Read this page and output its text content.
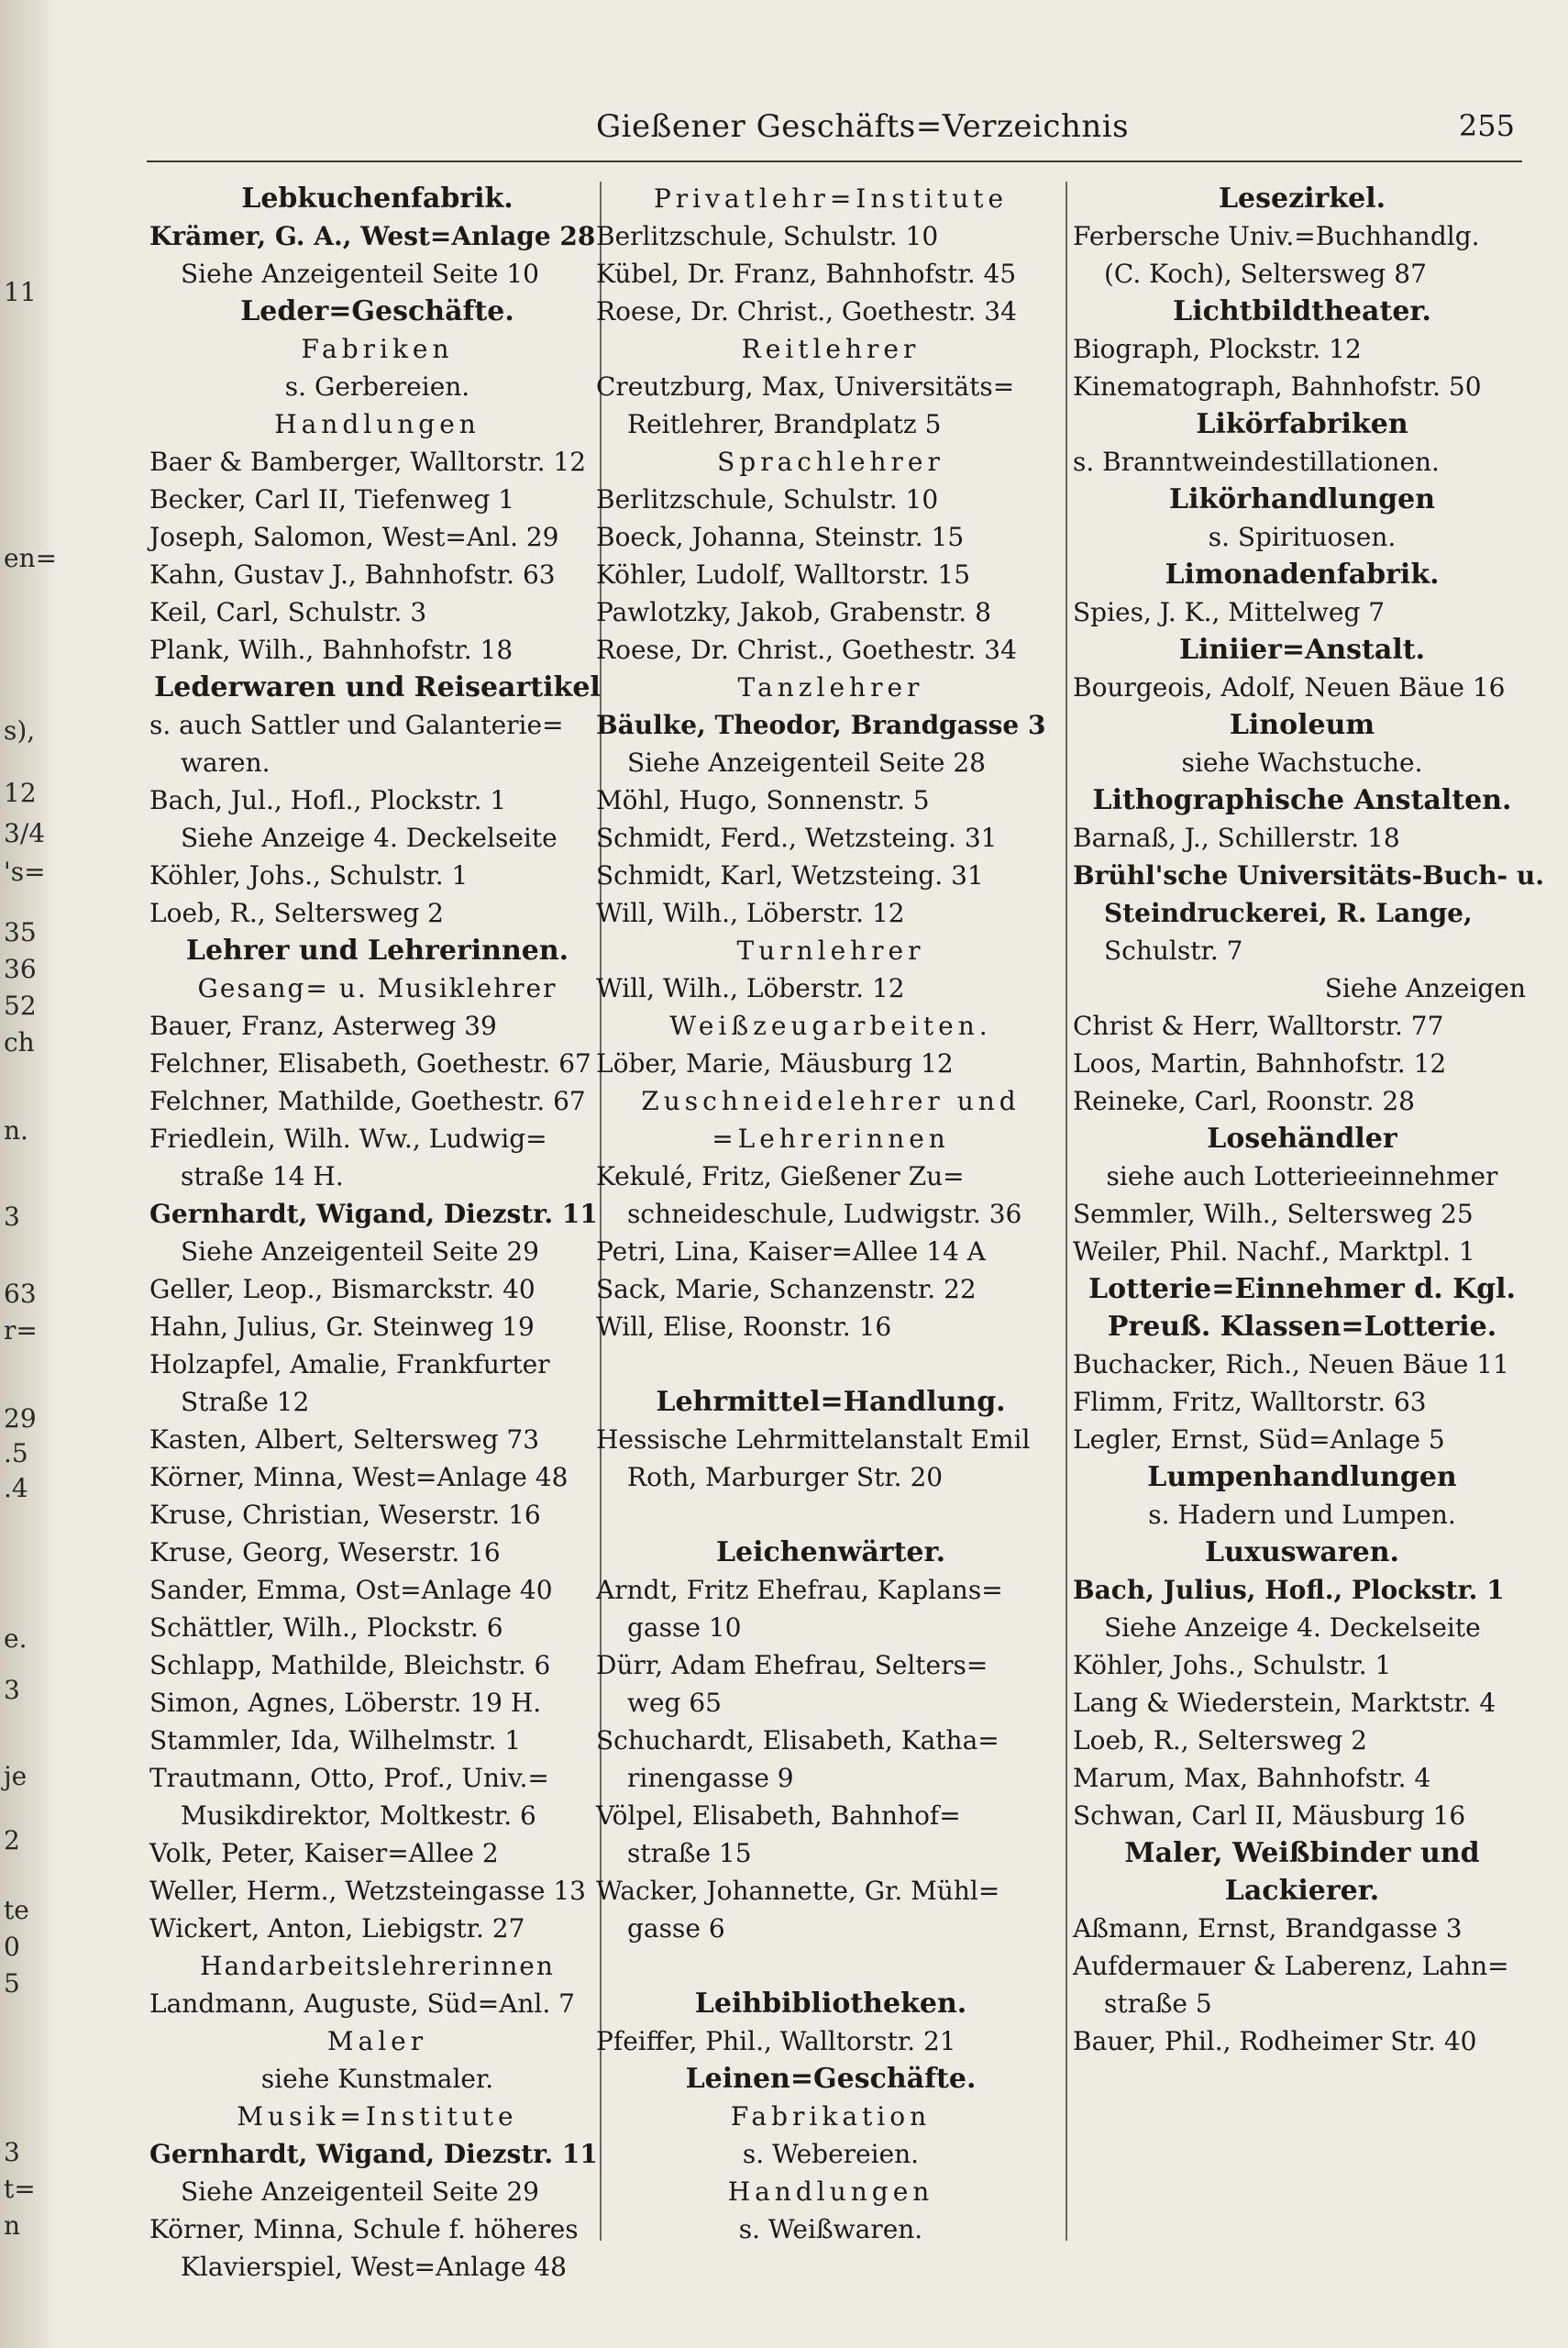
11
en=
s),
12
3/4
's=
35
36
52
ch
n.
3
63
r=
29
.5
.4
e.
3
je
2
te
0
5
3
t=
n
Gießener Geschäfts=Verzeichnis	255
Lebkuchenfabrik.
Krämer, G. A., West=Anlage 28
Siehe Anzeigenteil Seite 10
Leder=Geschäfte.
Fabriken
s. Gerbereien.
Handlungen
Baer & Bamberger, Walltorstr. 12
Becker, Carl II, Tiefenweg 1
Joseph, Salomon, West=Anl. 29
Kahn, Gustav J., Bahnhofstr. 63
Keil, Carl, Schulstr. 3
Plank, Wilh., Bahnhofstr. 18
Lederwaren und Reiseartikel
s. auch Sattler und Galanterie=
waren.
Bach, Jul., Hofl., Plockstr. 1
Siehe Anzeige 4. Deckelseite
Köhler, Johs., Schulstr. 1
Loeb, R., Seltersweg 2
Lehrer und Lehrerinnen.
Gesang= u. Musiklehrer
Bauer, Franz, Asterweg 39
Felchner, Elisabeth, Goethestr. 67
Felchner, Mathilde, Goethestr. 67
Friedlein, Wilh. Ww., Ludwig=
straße 14 H.
Gernhardt, Wigand, Diezstr. 11
Siehe Anzeigenteil Seite 29
Geller, Leop., Bismarckstr. 40
Hahn, Julius, Gr. Steinweg 19
Holzapfel, Amalie, Frankfurter
Straße 12
Kasten, Albert, Seltersweg 73
Körner, Minna, West=Anlage 48
Kruse, Christian, Weserstr. 16
Kruse, Georg, Weserstr. 16
Sander, Emma, Ost=Anlage 40
Schättler, Wilh., Plockstr. 6
Schlapp, Mathilde, Bleichstr. 6
Simon, Agnes, Löberstr. 19 H.
Stammler, Ida, Wilhelmstr. 1
Trautmann, Otto, Prof., Univ.=
Musikdirektor, Moltkestr. 6
Volk, Peter, Kaiser=Allee 2
Weller, Herm., Wetzsteingasse 13
Wickert, Anton, Liebigstr. 27
Handarbeitslehrerinnen
Landmann, Auguste, Süd=Anl. 7
Maler
siehe Kunstmaler.
Musik=Institute
Gernhardt, Wigand, Diezstr. 11
Siehe Anzeigenteil Seite 29
Körner, Minna, Schule f. höheres
Klavierspiel, West=Anlage 48
Privatlehr=Institute
Berlitzschule, Schulstr. 10
Kübel, Dr. Franz, Bahnhofstr. 45
Roese, Dr. Christ., Goethestr. 34
Reitlehrer
Creutzburg, Max, Universitäts=
Reitlehrer, Brandplatz 5
Sprachlehrer
Berlitzschule, Schulstr. 10
Boeck, Johanna, Steinstr. 15
Köhler, Ludolf, Walltorstr. 15
Pawlotzky, Jakob, Grabenstr. 8
Roese, Dr. Christ., Goethestr. 34
Tanzlehrer
Bäulke, Theodor, Brandgasse 3
Siehe Anzeigenteil Seite 28
Möhl, Hugo, Sonnenstr. 5
Schmidt, Ferd., Wetzsteing. 31
Schmidt, Karl, Wetzsteing. 31
Will, Wilh., Löberstr. 12
Turnlehrer
Will, Wilh., Löberstr. 12
Weißzeugarbeiten.
Löber, Marie, Mäusburg 12
Zuschneidelehrer und
=Lehrerinnen
Kekulé, Fritz, Gießener Zu=
schneideschule, Ludwigstr. 36
Petri, Lina, Kaiser=Allee 14 A
Sack, Marie, Schanzenstr. 22
Will, Elise, Roonstr. 16
Lehrmittel=Handlung.
Hessische Lehrmittelanstalt Emil
Roth, Marburger Str. 20
Leichenwärter.
Arndt, Fritz Ehefrau, Kaplans=
gasse 10
Dürr, Adam Ehefrau, Selters=
weg 65
Schuchardt, Elisabeth, Katha=
rinengasse 9
Völpel, Elisabeth, Bahnhof=
straße 15
Wacker, Johannette, Gr. Mühl=
gasse 6
Leihbibliotheken.
Pfeiffer, Phil., Walltorstr. 21
Leinen=Geschäfte.
Fabrikation
s. Webereien.
Handlungen
s. Weißwaren.
Lesezirkel.
Ferbersche Univ.=Buchhandlg.
(C. Koch), Seltersweg 87
Lichtbildtheater.
Biograph, Plockstr. 12
Kinematograph, Bahnhofstr. 50
Likörfabriken
s. Branntweindestillationen.
Likörhandlungen
s. Spirituosen.
Limonadenfabrik.
Spies, J. K., Mittelweg 7
Liniier=Anstalt.
Bourgeois, Adolf, Neuen Bäue 16
Linoleum
siehe Wachstuche.
Lithographische Anstalten.
Barnaß, J., Schillerstr. 18
Brühl'sche Universitäts-Buch- u.
Steindruckerei, R. Lange,
Schulstr. 7
Siehe Anzeigen
Christ & Herr, Walltorstr. 77
Loos, Martin, Bahnhofstr. 12
Reineke, Carl, Roonstr. 28
Losehändler
siehe auch Lotterieeinnehmer
Semmler, Wilh., Seltersweg 25
Weiler, Phil. Nachf., Marktpl. 1
Lotterie=Einnehmer d. Kgl.
Preuß. Klassen=Lotterie.
Buchacker, Rich., Neuen Bäue 11
Flimm, Fritz, Walltorstr. 63
Legler, Ernst, Süd=Anlage 5
Lumpenhandlungen
s. Hadern und Lumpen.
Luxuswaren.
Bach, Julius, Hofl., Plockstr. 1
Siehe Anzeige 4. Deckelseite
Köhler, Johs., Schulstr. 1
Lang & Wiederstein, Marktstr. 4
Loeb, R., Seltersweg 2
Marum, Max, Bahnhofstr. 4
Schwan, Carl II, Mäusburg 16
Maler, Weißbinder und
Lackierer.
Aßmann, Ernst, Brandgasse 3
Aufdermauer & Laberenz, Lahn=
straße 5
Bauer, Phil., Rodheimer Str. 40
